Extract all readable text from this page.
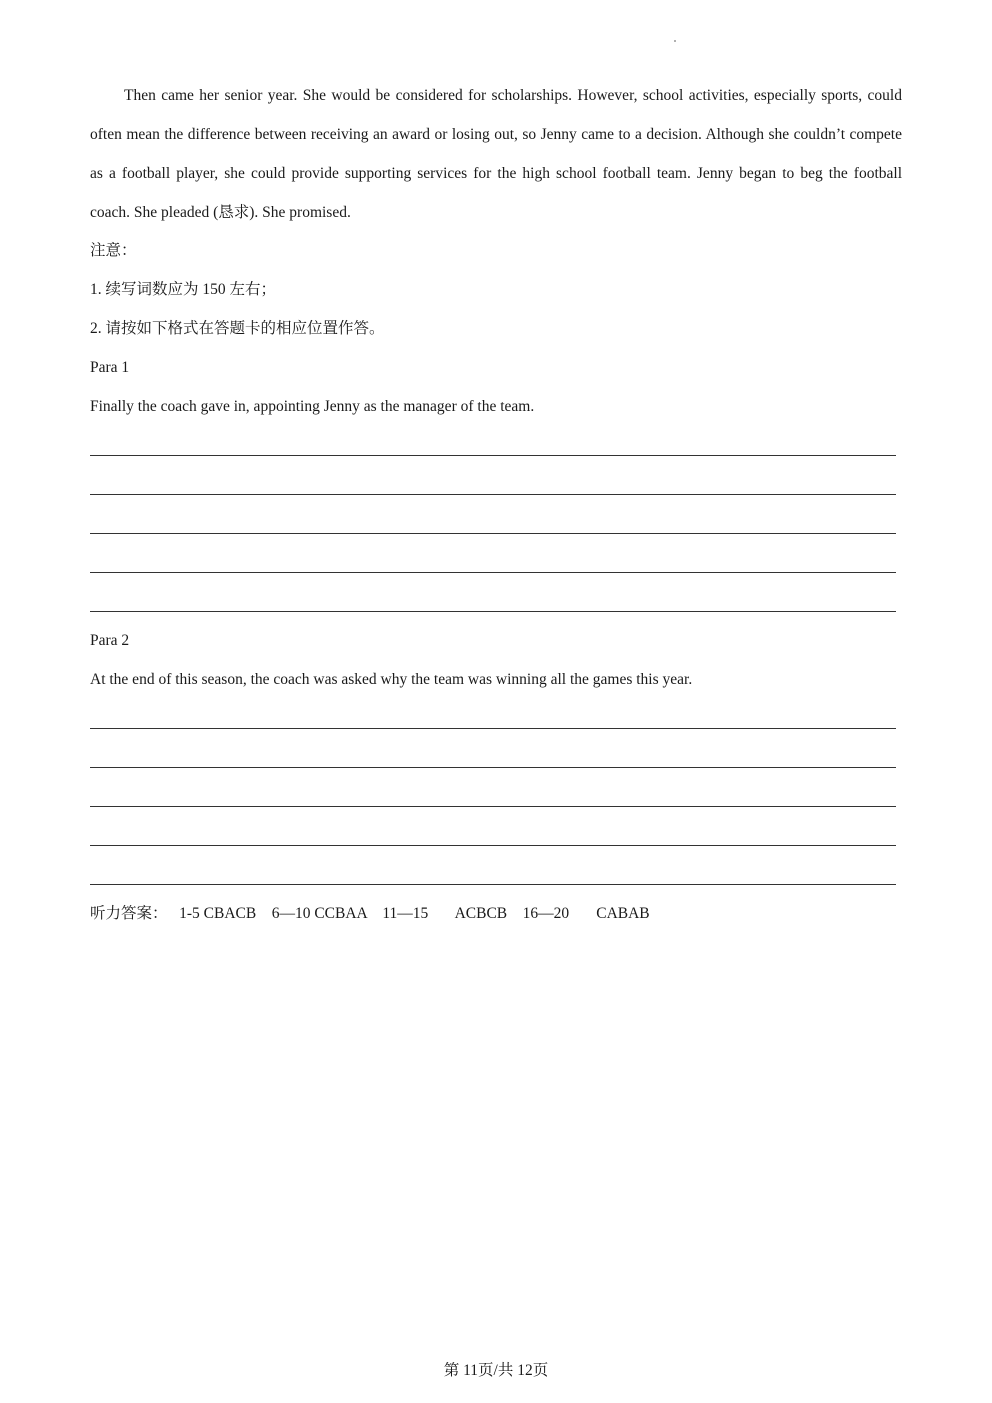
Then came her senior year. She would be considered for scholarships. However, school activities, especially sports, could often mean the difference between receiving an award or losing out, so Jenny came to a decision. Although she couldn’t compete as a football player, she could provide supporting services for the high school football team. Jenny began to beg the football coach. She pleaded (恳求). She promised.

注意：

1. 续写词数应为 150 左右；

2. 请按如下格式在答题卡的相应位置作答。

Para 1

Finally the coach gave in, appointing Jenny as the manager of the team.

Para 2

At the end of this season, the coach was asked why the team was winning all the games this year.

听力答案：   1-5 CBACB    6—10 CCBAA    11—15       ACBCB    16—20       CABAB
第 11页/共 12页
